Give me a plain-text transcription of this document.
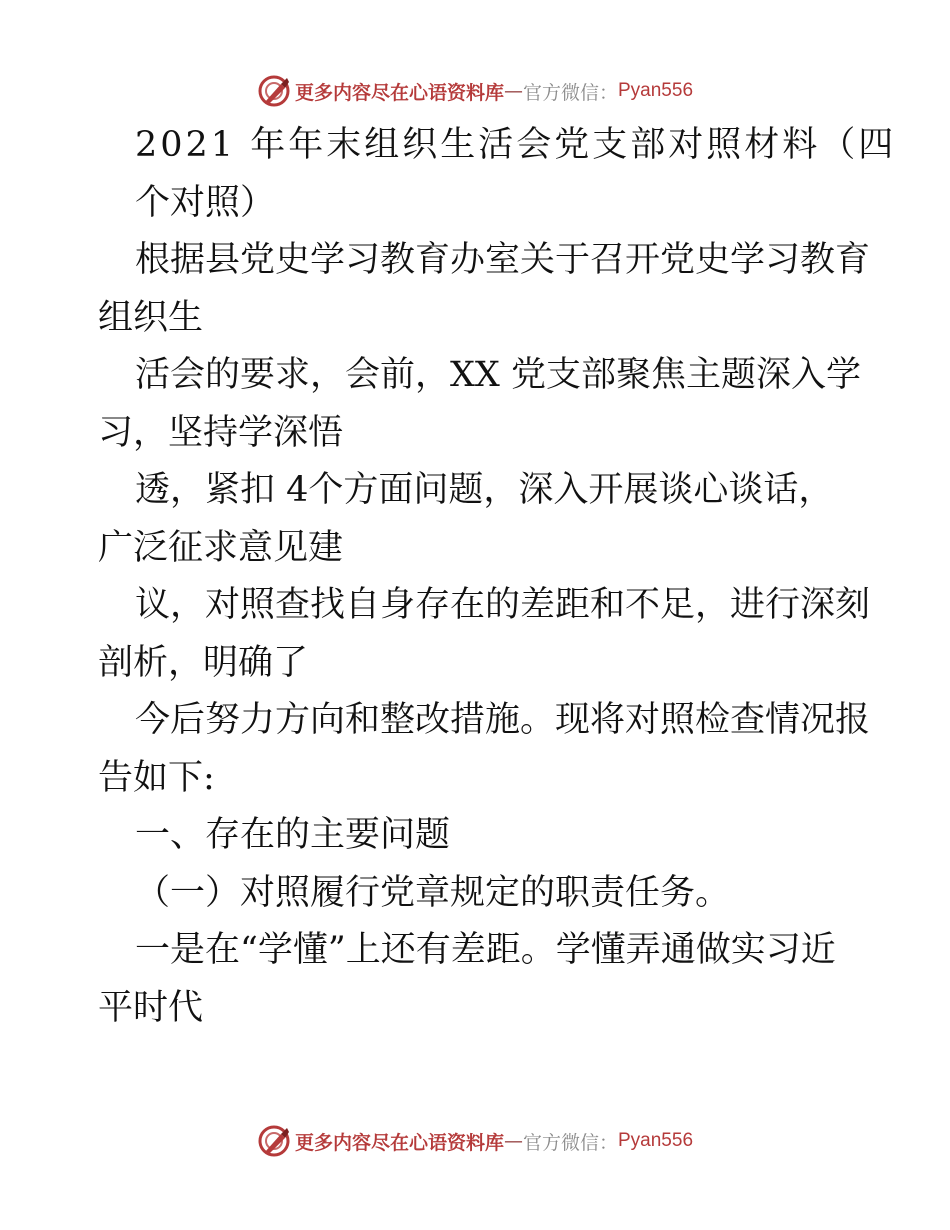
更多内容尽在心语资料库 — 官方微信： Pyan556

2021 年年末组织生活会党支部对照材料（四

个对照）

根据县党史学习教育办室关于召开党史学习教育

组织生

活会的要求，会前，XX 党支部聚焦主题深入学

习，坚持学深悟

透，紧扣 4个方面问题，深入开展谈心谈话，

广泛征求意见建

议，对照查找自身存在的差距和不足，进行深刻

剖析，明确了

今后努力方向和整改措施。现将对照检查情况报

告如下:

一、存在的主要问题

（一）对照履行党章规定的职责任务。

一是在“学懂”上还有差距。学懂弄通做实习近

平时代

更多内容尽在心语资料库 — 官方微信： Pyan556
